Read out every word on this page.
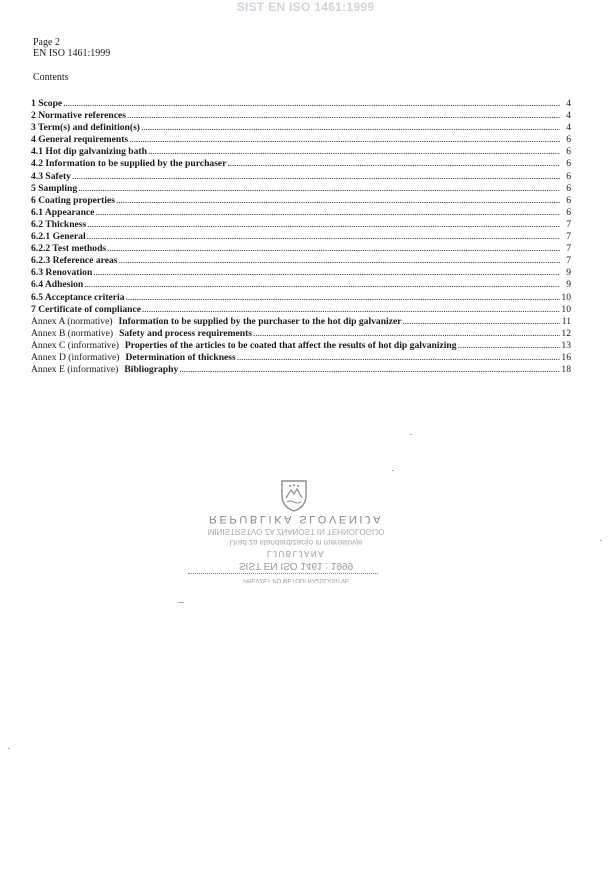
SIST EN ISO 1461:1999
Page 2
EN ISO 1461:1999
Contents
1 Scope .....	4
2 Normative references .....	4
3 Term(s) and definition(s) .....	4
4 General requirements .....	6
4.1 Hot dip galvanizing bath .....	6
4.2 Information to be supplied by the purchaser .....	6
4.3 Safety .....	6
5 Sampling .....	6
6 Coating properties .....	6
6.1 Appearance .....	6
6.2 Thickness .....	7
6.2.1 General .....	7
6.2.2 Test methods .....	7
6.2.3 Reference areas .....	7
6.3 Renovation .....	9
6.4 Adhesion .....	9
6.5 Acceptance criteria .....	10
7 Certificate of compliance .....	10
Annex A (normative) Information to be supplied by the purchaser to the hot dip galvanizer .....	11
Annex B (normative) Safety and process requirements .....	12
Annex C (informative) Properties of the articles to be coated that affect the results of hot dip galvanizing .....	13
Annex D (informative) Determination of thickness .....	16
Annex E (informative) Bibliography .....	18
REPUBLIKA SLOVENIJA
MINISTRSTVO ZA ZNANOST IN TEHNOLOGIJO
Urad za standardizacijo in meroslovje
LJUBLJANA
SIST EN ISO 1461 : 1999
PREVZET PO METODI RAZGLASITVE
